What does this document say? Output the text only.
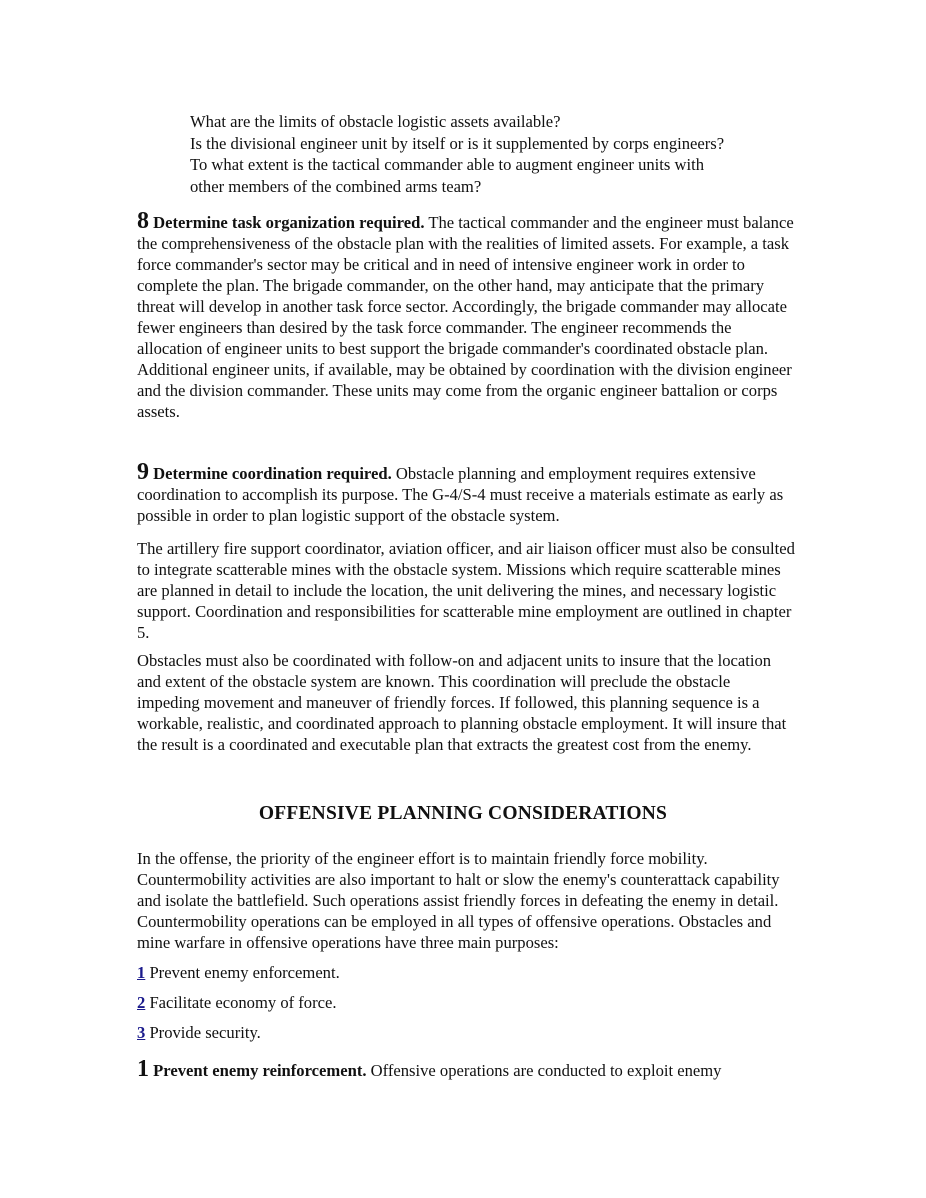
What are the limits of obstacle logistic assets available?

Is the divisional engineer unit by itself or is it supplemented by corps engineers?

To what extent is the tactical commander able to augment engineer units with

other members of the combined arms team?

8 Determine task organization required. The tactical commander and the engineer must balance the comprehensiveness of the obstacle plan with the realities of limited assets. For example, a task force commander's sector may be critical and in need of intensive engineer work in order to complete the plan. The brigade commander, on the other hand, may anticipate that the primary threat will develop in another task force sector. Accordingly, the brigade commander may allocate fewer engineers than desired by the task force commander. The engineer recommends the allocation of engineer units to best support the brigade commander's coordinated obstacle plan. Additional engineer units, if available, may be obtained by coordination with the division engineer and the division commander. These units may come from the organic engineer battalion or corps assets.

9 Determine coordination required. Obstacle planning and employment requires extensive coordination to accomplish its purpose. The G-4/S-4 must receive a materials estimate as early as possible in order to plan logistic support of the obstacle system.

The artillery fire support coordinator, aviation officer, and air liaison officer must also be consulted to integrate scatterable mines with the obstacle system. Missions which require scatterable mines are planned in detail to include the location, the unit delivering the mines, and necessary logistic support. Coordination and responsibilities for scatterable mine employment are outlined in chapter 5.

Obstacles must also be coordinated with follow-on and adjacent units to insure that the location and extent of the obstacle system are known. This coordination will preclude the obstacle impeding movement and maneuver of friendly forces. If followed, this planning sequence is a workable, realistic, and coordinated approach to planning obstacle employment. It will insure that the result is a coordinated and executable plan that extracts the greatest cost from the enemy.

OFFENSIVE PLANNING CONSIDERATIONS

In the offense, the priority of the engineer effort is to maintain friendly force mobility. Countermobility activities are also important to halt or slow the enemy's counterattack capability and isolate the battlefield. Such operations assist friendly forces in defeating the enemy in detail. Countermobility operations can be employed in all types of offensive operations. Obstacles and mine warfare in offensive operations have three main purposes:

1 Prevent enemy enforcement.
2 Facilitate economy of force.
3 Provide security.

1 Prevent enemy reinforcement. Offensive operations are conducted to exploit enemy
